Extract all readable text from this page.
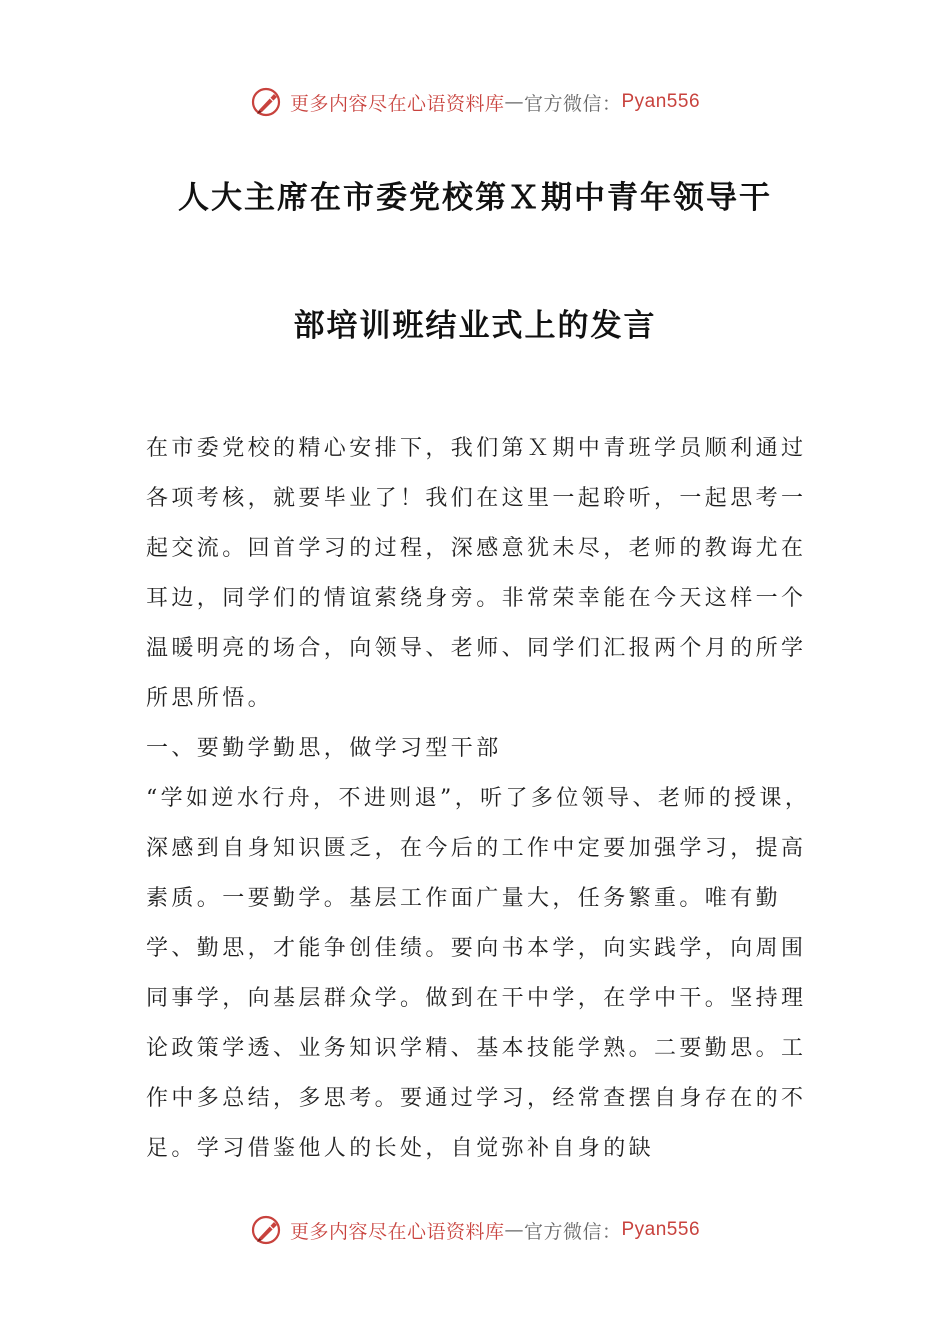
更多内容尽在心语资料库 — 官方微信： Pyan556
人大主席在市委党校第Ｘ期中青年领导干
部培训班结业式上的发言

在市委党校的精心安排下，我们第Ｘ期中青班学员顺利通过各项考核，就要毕业了！我们在这里一起聆听，一起思考一起交流。回首学习的过程，深感意犹未尽，老师的教诲尤在耳边，同学们的情谊萦绕身旁。非常荣幸能在今天这样一个温暖明亮的场合，向领导、老师、同学们汇报两个月的所学所思所悟。

一、要勤学勤思，做学习型干部

“学如逆水行舟，不进则退”，听了多位领导、老师的授课，深感到自身知识匮乏，在今后的工作中定要加强学习，提高素质。一要勤学。基层工作面广量大，任务繁重。唯有勤学、勤思，才能争创佳绩。要向书本学，向实践学，向周围同事学，向基层群众学。做到在干中学，在学中干。坚持理论政策学透、业务知识学精、基本技能学熟。二要勤思。工作中多总结，多思考。要通过学习，经常查摆自身存在的不足。学习借鉴他人的长处，自觉弥补自身的缺

更多内容尽在心语资料库 — 官方微信： Pyan556
